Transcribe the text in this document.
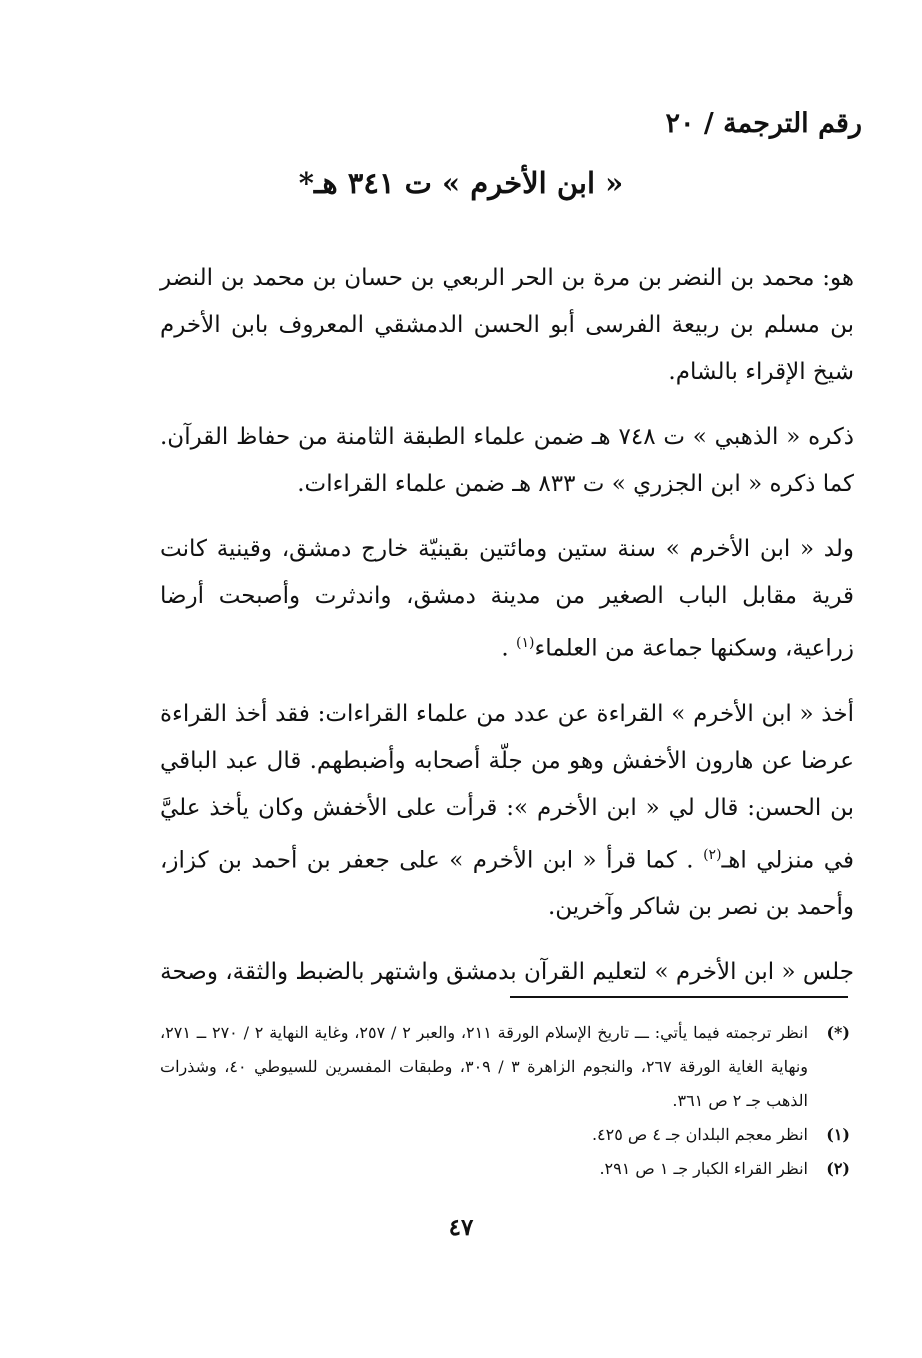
رقم الترجمة / ٢٠
« ابن الأخرم » ت ٣٤١ هـ*

هو: محمد بن النضر بن مرة بن الحر الربعي بن حسان بن محمد بن النضر بن مسلم بن ربيعة الفرسى أبو الحسن الدمشقي المعروف بابن الأخرم شيخ الإقراء بالشام.

ذكره « الذهبي » ت ٧٤٨ هـ ضمن علماء الطبقة الثامنة من حفاظ القرآن. كما ذكره « ابن الجزري » ت ٨٣٣ هـ ضمن علماء القراءات.

ولد « ابن الأخرم » سنة ستين ومائتين بقينيّة خارج دمشق، وقينية كانت قرية مقابل الباب الصغير من مدينة دمشق، واندثرت وأصبحت أرضا زراعية، وسكنها جماعة من العلماء$^{(١)}$ .

أخذ « ابن الأخرم » القراءة عن عدد من علماء القراءات: فقد أخذ القراءة عرضا عن هارون الأخفش وهو من جلّة أصحابه وأضبطهم. قال عبد الباقي بن الحسن: قال لي « ابن الأخرم »: قرأت على الأخفش وكان يأخذ عليَّ في منزلي اهـ$^{(٢)}$ . كما قرأ « ابن الأخرم » على جعفر بن أحمد بن كزاز، وأحمد بن نصر بن شاكر وآخرين.

جلس « ابن الأخرم » لتعليم القرآن بدمشق واشتهر بالضبط والثقة، وصحة

(*)
انظر ترجمته فيما يأتي: ـــ تاريخ الإسلام الورقة ٢١١، والعبر ٢ / ٢٥٧، وغاية النهاية ٢ / ٢٧٠ ــ ٢٧١، ونهاية الغاية الورقة ٢٦٧، والنجوم الزاهرة ٣ / ٣٠٩، وطبقات المفسرين للسيوطي ٤٠، وشذرات الذهب جـ ٢ ص ٣٦١.
(١)
انظر معجم البلدان جـ ٤ ص ٤٢٥.
(٢)
انظر القراء الكبار جـ ١ ص ٢٩١.
٤٧
